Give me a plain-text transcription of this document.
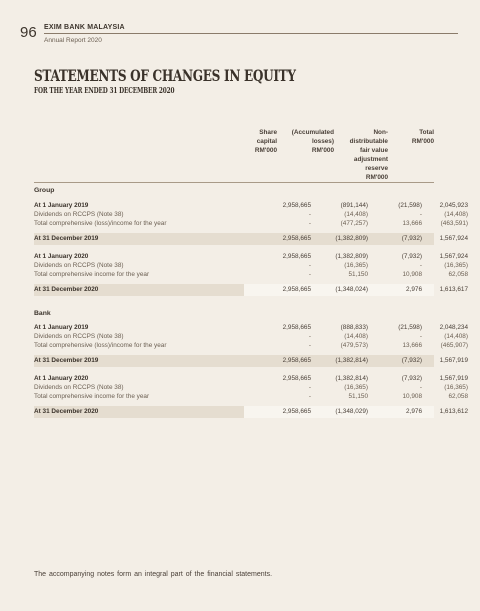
96 EXIM BANK MALAYSIA
Annual Report 2020
STATEMENTS OF CHANGES IN EQUITY
FOR THE YEAR ENDED 31 DECEMBER 2020
Share
capital
RM'000
(Accumulated
losses)
RM'000
Non-
distributable
fair value
adjustment
reserve
RM'000
Total
RM'000
Group
At 1 January 2019	2,958,665	(891,144)	(21,598)	2,045,923
Dividends on RCCPS (Note 38)	-	(14,408)	-	(14,408)
Total comprehensive (loss)/income for the year	-	(477,257)	13,666	(463,591)
At 31 December 2019	2,958,665	(1,382,809)	(7,932)	1,567,924
At 1 January 2020	2,958,665	(1,382,809)	(7,932)	1,567,924
Dividends on RCCPS (Note 38)	-	(16,365)	-	(16,365)
Total comprehensive income for the year	-	51,150	10,908	62,058
At 31 December 2020	2,958,665	(1,348,024)	2,976	1,613,617
Bank
At 1 January 2019	2,958,665	(888,833)	(21,598)	2,048,234
Dividends on RCCPS (Note 38)	-	(14,408)	-	(14,408)
Total comprehensive (loss)/income for the year	-	(479,573)	13,666	(465,907)
At 31 December 2019	2,958,665	(1,382,814)	(7,932)	1,567,919
At 1 January 2020	2,958,665	(1,382,814)	(7,932)	1,567,919
Dividends on RCCPS (Note 38)	-	(16,365)	-	(16,365)
Total comprehensive income for the year	-	51,150	10,908	62,058
At 31 December 2020	2,958,665	(1,348,029)	2,976	1,613,612
The accompanying notes form an integral part of the financial statements.
